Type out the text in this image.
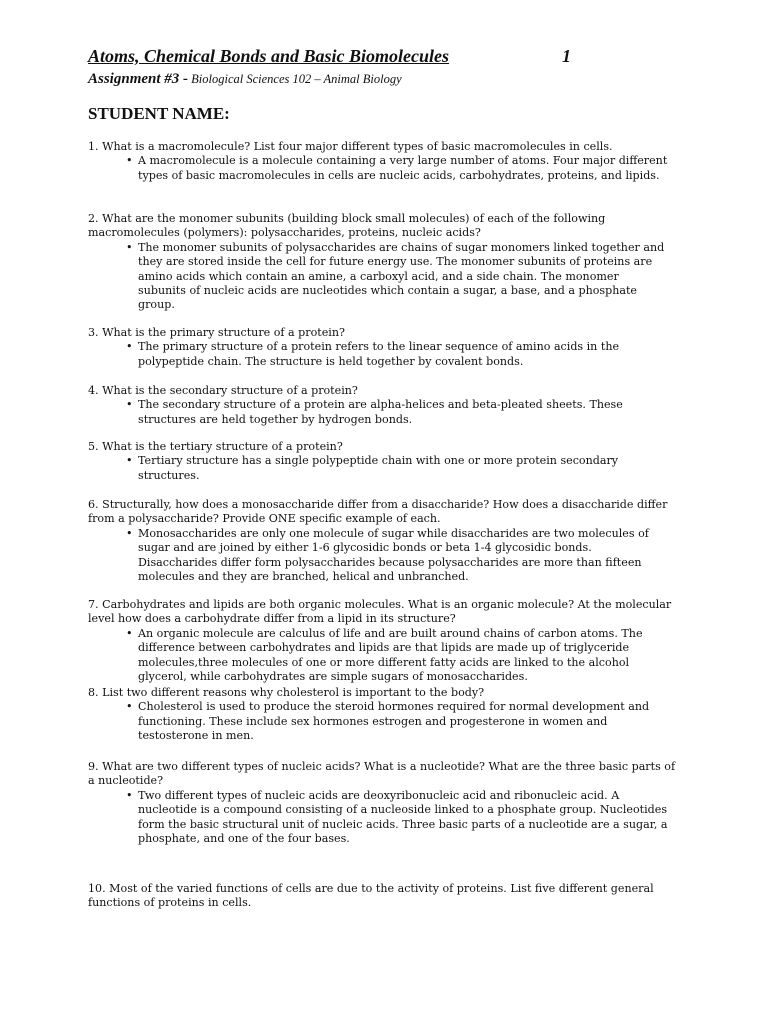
Atoms, Chemical Bonds and Basic Biomolecules	1
Assignment #3 - Biological Sciences 102 – Animal Biology
STUDENT NAME:
1. What is a macromolecule? List four major different types of basic macromolecules in cells.
• A macromolecule is a molecule containing a very large number of atoms. Four major different types of basic macromolecules in cells are nucleic acids, carbohydrates, proteins, and lipids.
2. What are the monomer subunits (building block small molecules) of each of the following macromolecules (polymers): polysaccharides, proteins, nucleic acids?
• The monomer subunits of polysaccharides are chains of sugar monomers linked together and they are stored inside the cell for future energy use. The monomer subunits of proteins are amino acids which contain an amine, a carboxyl acid, and a side chain. The monomer subunits of nucleic acids are nucleotides which contain a sugar, a base, and a phosphate group.
3. What is the primary structure of a protein?
• The primary structure of a protein refers to the linear sequence of amino acids in the polypeptide chain. The structure is held together by covalent bonds.
4. What is the secondary structure of a protein?
• The secondary structure of a protein are alpha-helices and beta-pleated sheets. These structures are held together by hydrogen bonds.
5. What is the tertiary structure of a protein?
• Tertiary structure has a single polypeptide chain with one or more protein secondary structures.
6. Structurally, how does a monosaccharide differ from a disaccharide? How does a disaccharide differ from a polysaccharide? Provide ONE specific example of each.
• Monosaccharides are only one molecule of sugar while disaccharides are two molecules of sugar and are joined by either 1-6 glycosidic bonds or beta 1-4 glycosidic bonds. Disaccharides differ form polysaccharides because polysaccharides are more than fifteen molecules and they are branched, helical and unbranched.
7. Carbohydrates and lipids are both organic molecules. What is an organic molecule? At the molecular level how does a carbohydrate differ from a lipid in its structure?
• An organic molecule are calculus of life and are built around chains of carbon atoms. The difference between carbohydrates and lipids are that lipids are made up of triglyceride molecules,three molecules of one or more different fatty acids are linked to the alcohol glycerol, while carbohydrates are simple sugars of monosaccharides.
8. List two different reasons why cholesterol is important to the body?
• Cholesterol is used to produce the steroid hormones required for normal development and functioning. These include sex hormones estrogen and progesterone in women and testosterone in men.
9. What are two different types of nucleic acids? What is a nucleotide? What are the three basic parts of a nucleotide?
• Two different types of nucleic acids are deoxyribonucleic acid and ribonucleic acid. A nucleotide is a compound consisting of a nucleoside linked to a phosphate group. Nucleotides form the basic structural unit of nucleic acids. Three basic parts of a nucleotide are a sugar, a phosphate, and one of the four bases.
10. Most of the varied functions of cells are due to the activity of proteins. List five different general functions of proteins in cells.
